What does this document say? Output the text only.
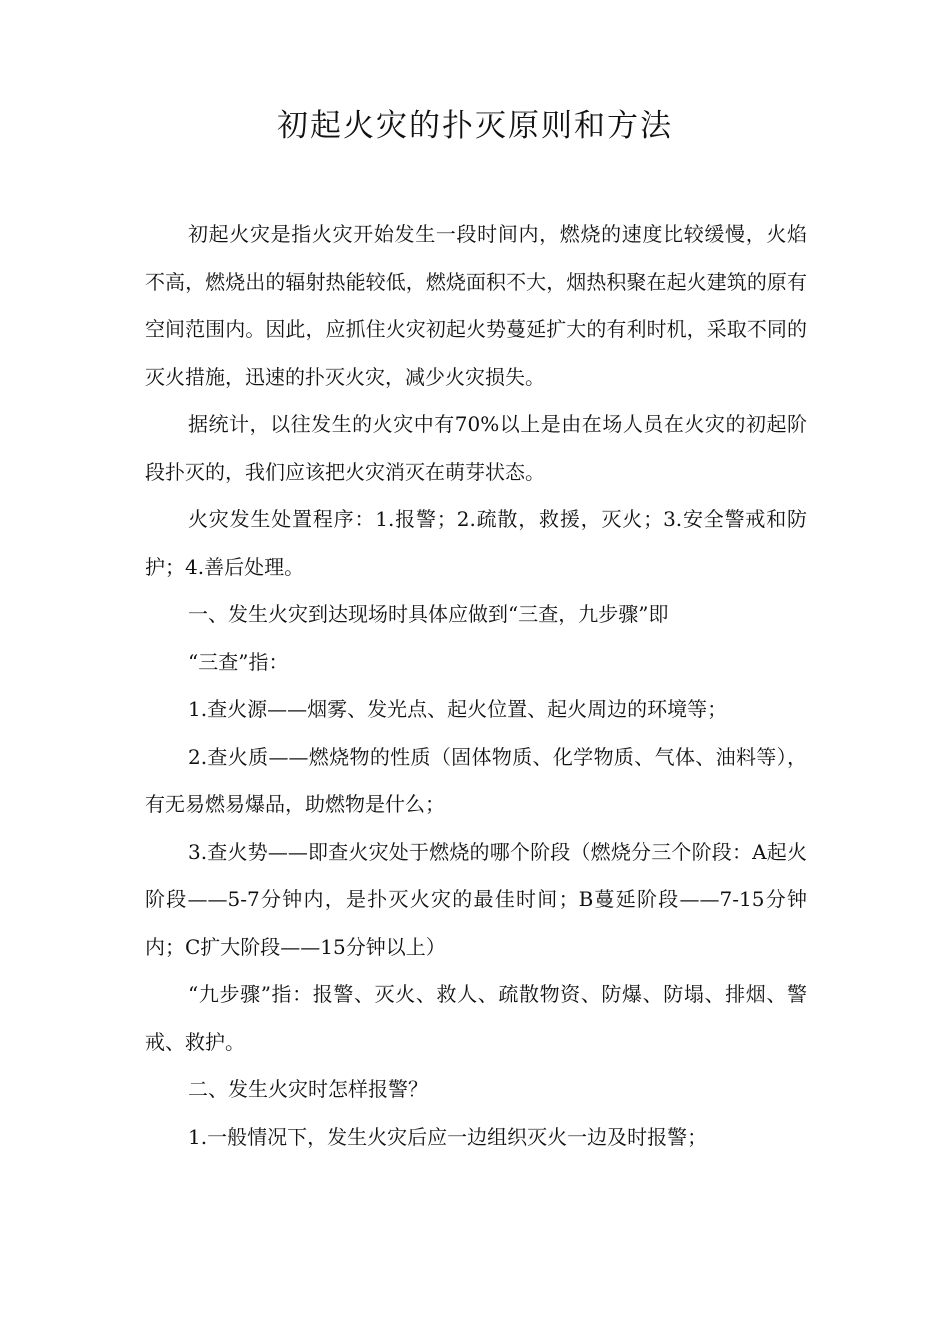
初起火灾的扑灭原则和方法

初起火灾是指火灾开始发生一段时间内，燃烧的速度比较缓慢，火焰不高，燃烧出的辐射热能较低，燃烧面积不大，烟热积聚在起火建筑的原有空间范围内。因此，应抓住火灾初起火势蔓延扩大的有利时机，采取不同的灭火措施，迅速的扑灭火灾，减少火灾损失。

据统计，以往发生的火灾中有70%以上是由在场人员在火灾的初起阶段扑灭的，我们应该把火灾消灭在萌芽状态。

火灾发生处置程序：1.报警；2.疏散，救援，灭火；3.安全警戒和防护；4.善后处理。

一、发生火灾到达现场时具体应做到“三查，九步骤”即

“三查”指：

1.查火源——烟雾、发光点、起火位置、起火周边的环境等；

2.查火质——燃烧物的性质（固体物质、化学物质、气体、油料等），有无易燃易爆品，助燃物是什么；

3.查火势——即查火灾处于燃烧的哪个阶段（燃烧分三个阶段：A起火阶段——5-7分钟内，是扑灭火灾的最佳时间；B蔓延阶段——7-15分钟内；C扩大阶段——15分钟以上）

“九步骤”指：报警、灭火、救人、疏散物资、防爆、防塌、排烟、警戒、救护。

二、发生火灾时怎样报警？

1.一般情况下，发生火灾后应一边组织灭火一边及时报警；
